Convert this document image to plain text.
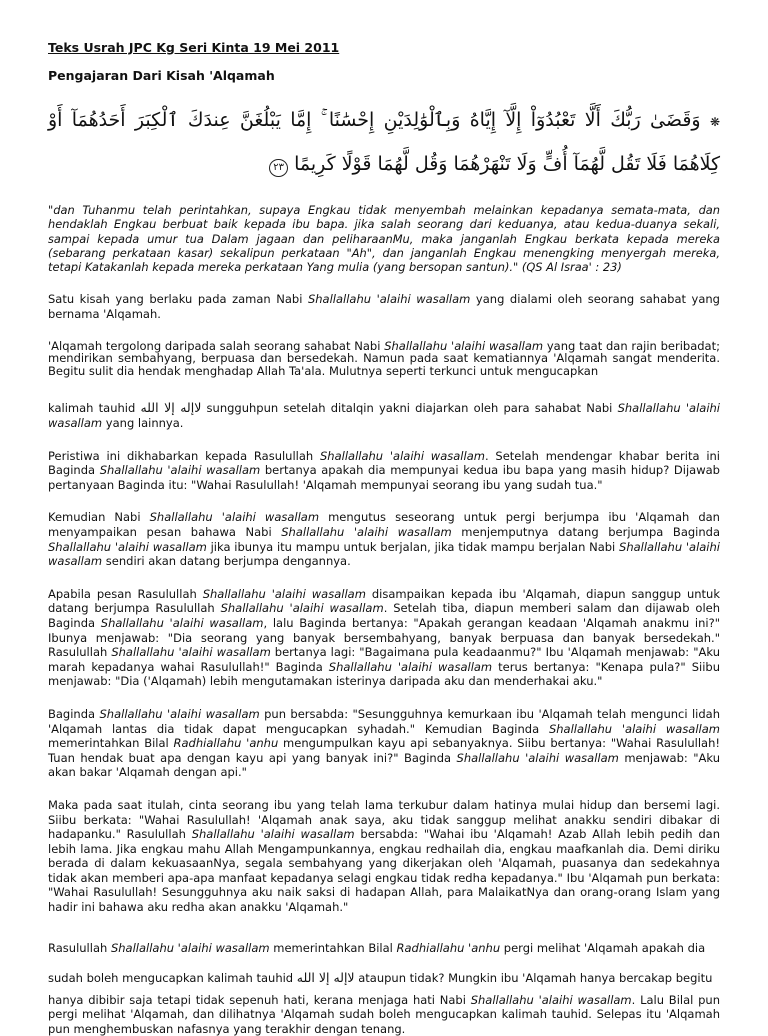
Teks Usrah JPC Kg Seri Kinta 19 Mei 2011
Pengajaran Dari Kisah 'Alqamah
❋ وَقَضَىٰ رَبُّكَ أَلَّا تَعْبُدُوٓاْ إِلَّآ إِيَّاهُ وَبِٱلْوَٰلِدَيْنِ إِحْسَٰنًا ۚ إِمَّا يَبْلُغَنَّ عِندَكَ ٱلْكِبَرَ أَحَدُهُمَآ أَوْ كِلَاهُمَا فَلَا تَقُل لَّهُمَآ أُفٍّ وَلَا تَنْهَرْهُمَا وَقُل لَّهُمَا قَوْلًا كَرِيمًا ٢٣
"dan Tuhanmu telah perintahkan, supaya Engkau tidak menyembah melainkan kepadanya semata-mata, dan hendaklah Engkau berbuat baik kepada ibu bapa. jika salah seorang dari keduanya, atau kedua-duanya sekali, sampai kepada umur tua Dalam jagaan dan peliharaanMu, maka janganlah Engkau berkata kepada mereka (sebarang perkataan kasar) sekalipun perkataan "Ah", dan janganlah Engkau menengking menyergah mereka, tetapi Katakanlah kepada mereka perkataan Yang mulia (yang bersopan santun)." (QS Al Israa' : 23)
Satu kisah yang berlaku pada zaman Nabi Shallallahu 'alaihi wasallam yang dialami oleh seorang sahabat yang bernama 'Alqamah.
'Alqamah tergolong daripada salah seorang sahabat Nabi Shallallahu 'alaihi wasallam yang taat dan rajin beribadat; mendirikan sembahyang, berpuasa dan bersedekah. Namun pada saat kematiannya 'Alqamah sangat menderita. Begitu sulit dia hendak menghadap Allah Ta'ala. Mulutnya seperti terkunci untuk mengucapkan
kalimah tauhid لاإله إلا الله sungguhpun setelah ditalqin yakni diajarkan oleh para sahabat Nabi Shallallahu 'alaihi wasallam yang lainnya.
Peristiwa ini dikhabarkan kepada Rasulullah Shallallahu 'alaihi wasallam. Setelah mendengar khabar berita ini Baginda Shallallahu 'alaihi wasallam bertanya apakah dia mempunyai kedua ibu bapa yang masih hidup? Dijawab pertanyaan Baginda itu: "Wahai Rasulullah! 'Alqamah mempunyai seorang ibu yang sudah tua."
Kemudian Nabi Shallallahu 'alaihi wasallam mengutus seseorang untuk pergi berjumpa ibu 'Alqamah dan menyampaikan pesan bahawa Nabi Shallallahu 'alaihi wasallam menjemputnya datang berjumpa Baginda Shallallahu 'alaihi wasallam jika ibunya itu mampu untuk berjalan, jika tidak mampu berjalan Nabi Shallallahu 'alaihi wasallam sendiri akan datang berjumpa dengannya.
Apabila pesan Rasulullah Shallallahu 'alaihi wasallam disampaikan kepada ibu 'Alqamah, diapun sanggup untuk datang berjumpa Rasulullah Shallallahu 'alaihi wasallam. Setelah tiba, diapun memberi salam dan dijawab oleh Baginda Shallallahu 'alaihi wasallam, lalu Baginda bertanya: "Apakah gerangan keadaan 'Alqamah anakmu ini?" Ibunya menjawab: "Dia seorang yang banyak bersembahyang, banyak berpuasa dan banyak bersedekah." Rasulullah Shallallahu 'alaihi wasallam bertanya lagi: "Bagaimana pula keadaanmu?" Ibu 'Alqamah menjawab: "Aku marah kepadanya wahai Rasulullah!" Baginda Shallallahu 'alaihi wasallam terus bertanya: "Kenapa pula?" Siibu menjawab: "Dia ('Alqamah) lebih mengutamakan isterinya daripada aku dan menderhakai aku."
Baginda Shallallahu 'alaihi wasallam pun bersabda: "Sesungguhnya kemurkaan ibu 'Alqamah telah mengunci lidah 'Alqamah lantas dia tidak dapat mengucapkan syhadah." Kemudian Baginda Shallallahu 'alaihi wasallam memerintahkan Bilal Radhiallahu 'anhu mengumpulkan kayu api sebanyaknya. Siibu bertanya: "Wahai Rasulullah! Tuan hendak buat apa dengan kayu api yang banyak ini?" Baginda Shallallahu 'alaihi wasallam menjawab: "Aku akan bakar 'Alqamah dengan api."
Maka pada saat itulah, cinta seorang ibu yang telah lama terkubur dalam hatinya mulai hidup dan bersemi lagi. Siibu berkata: "Wahai Rasulullah! 'Alqamah anak saya, aku tidak sanggup melihat anakku sendiri dibakar di hadapanku." Rasulullah Shallallahu 'alaihi wasallam bersabda: "Wahai ibu 'Alqamah! Azab Allah lebih pedih dan lebih lama. Jika engkau mahu Allah Mengampunkannya, engkau redhailah dia, engkau maafkanlah dia. Demi diriku berada di dalam kekuasaanNya, segala sembahyang yang dikerjakan oleh 'Alqamah, puasanya dan sedekahnya tidak akan memberi apa-apa manfaat kepadanya selagi engkau tidak redha kepadanya." Ibu 'Alqamah pun berkata: "Wahai Rasulullah! Sesungguhnya aku naik saksi di hadapan Allah, para MalaikatNya dan orang-orang Islam yang hadir ini bahawa aku redha akan anakku 'Alqamah."
Rasulullah Shallallahu 'alaihi wasallam memerintahkan Bilal Radhiallahu 'anhu pergi melihat 'Alqamah apakah dia
sudah boleh mengucapkan kalimah tauhid لاإله إلا الله ataupun tidak? Mungkin ibu 'Alqamah hanya bercakap begitu
hanya dibibir saja tetapi tidak sepenuh hati, kerana menjaga hati Nabi Shallallahu 'alaihi wasallam. Lalu Bilal pun pergi melihat 'Alqamah, dan dilihatnya 'Alqamah sudah boleh mengucapkan kalimah tauhid. Selepas itu 'Alqamah pun menghembuskan nafasnya yang terakhir dengan tenang.
